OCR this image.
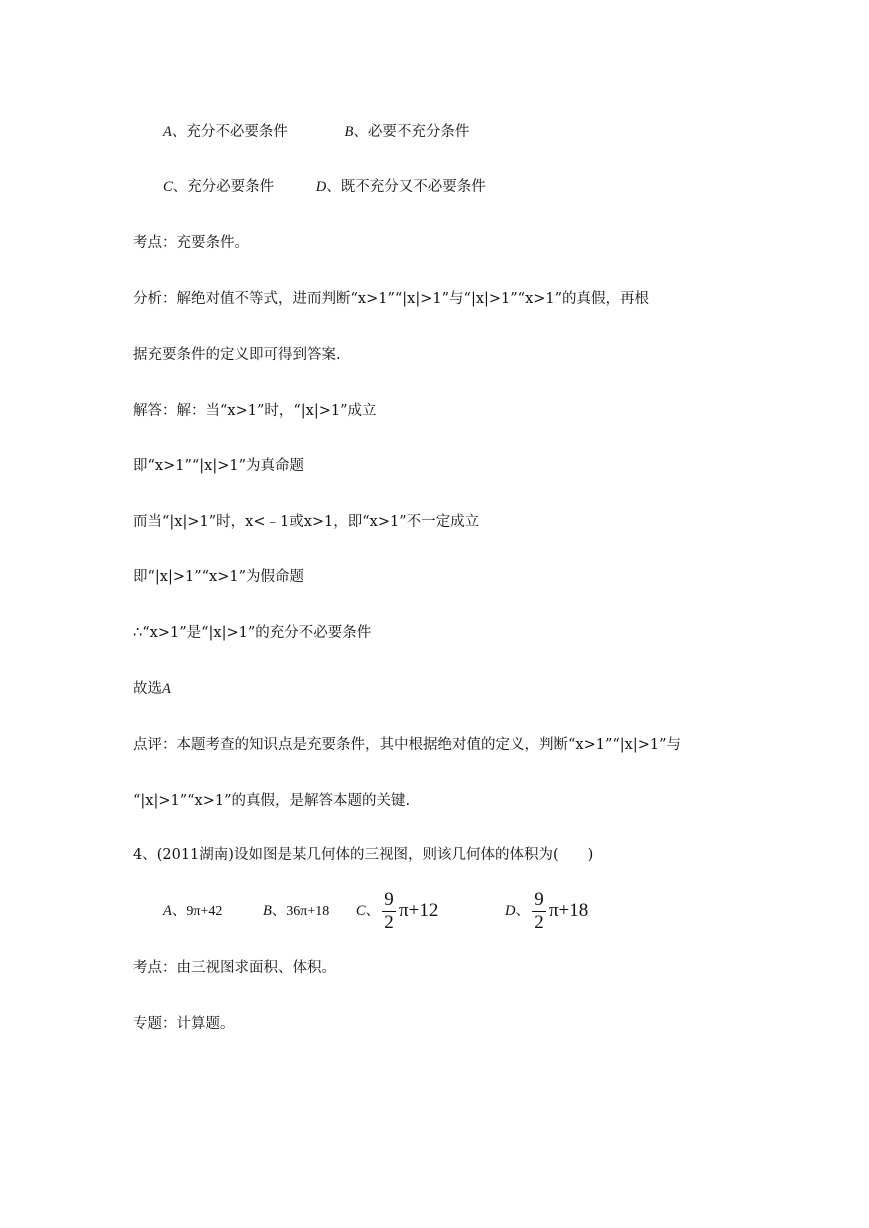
A、充分不必要条件	B、必要不充分条件
C、充分必要条件	D、既不充分又不必要条件
考点：充要条件。
分析：解绝对值不等式，进而判断“x>1”“|x|>1”与“|x|>1”“x>1”的真假，再根
据充要条件的定义即可得到答案.
解答：解：当“x>1”时，“|x|>1”成立
即“x>1”“|x|>1”为真命题
而当“|x|>1”时，x<﹣1或x>1，即“x>1”不一定成立
即“|x|>1”“x>1”为假命题
∴“x>1”是“|x|>1”的充分不必要条件
故选A
点评：本题考查的知识点是充要条件，其中根据绝对值的定义，判断“x>1”“|x|>1”与
“|x|>1”“x>1”的真假，是解答本题的关键.
4、(2011湖南)设如图是某几何体的三视图，则该几何体的体积为(　　)
A、9π+42	B、36π+18 C、 $\frac{9}{2} \pi+12$	D、 $\frac{9}{2} \pi+18$
考点：由三视图求面积、体积。
专题：计算题。
